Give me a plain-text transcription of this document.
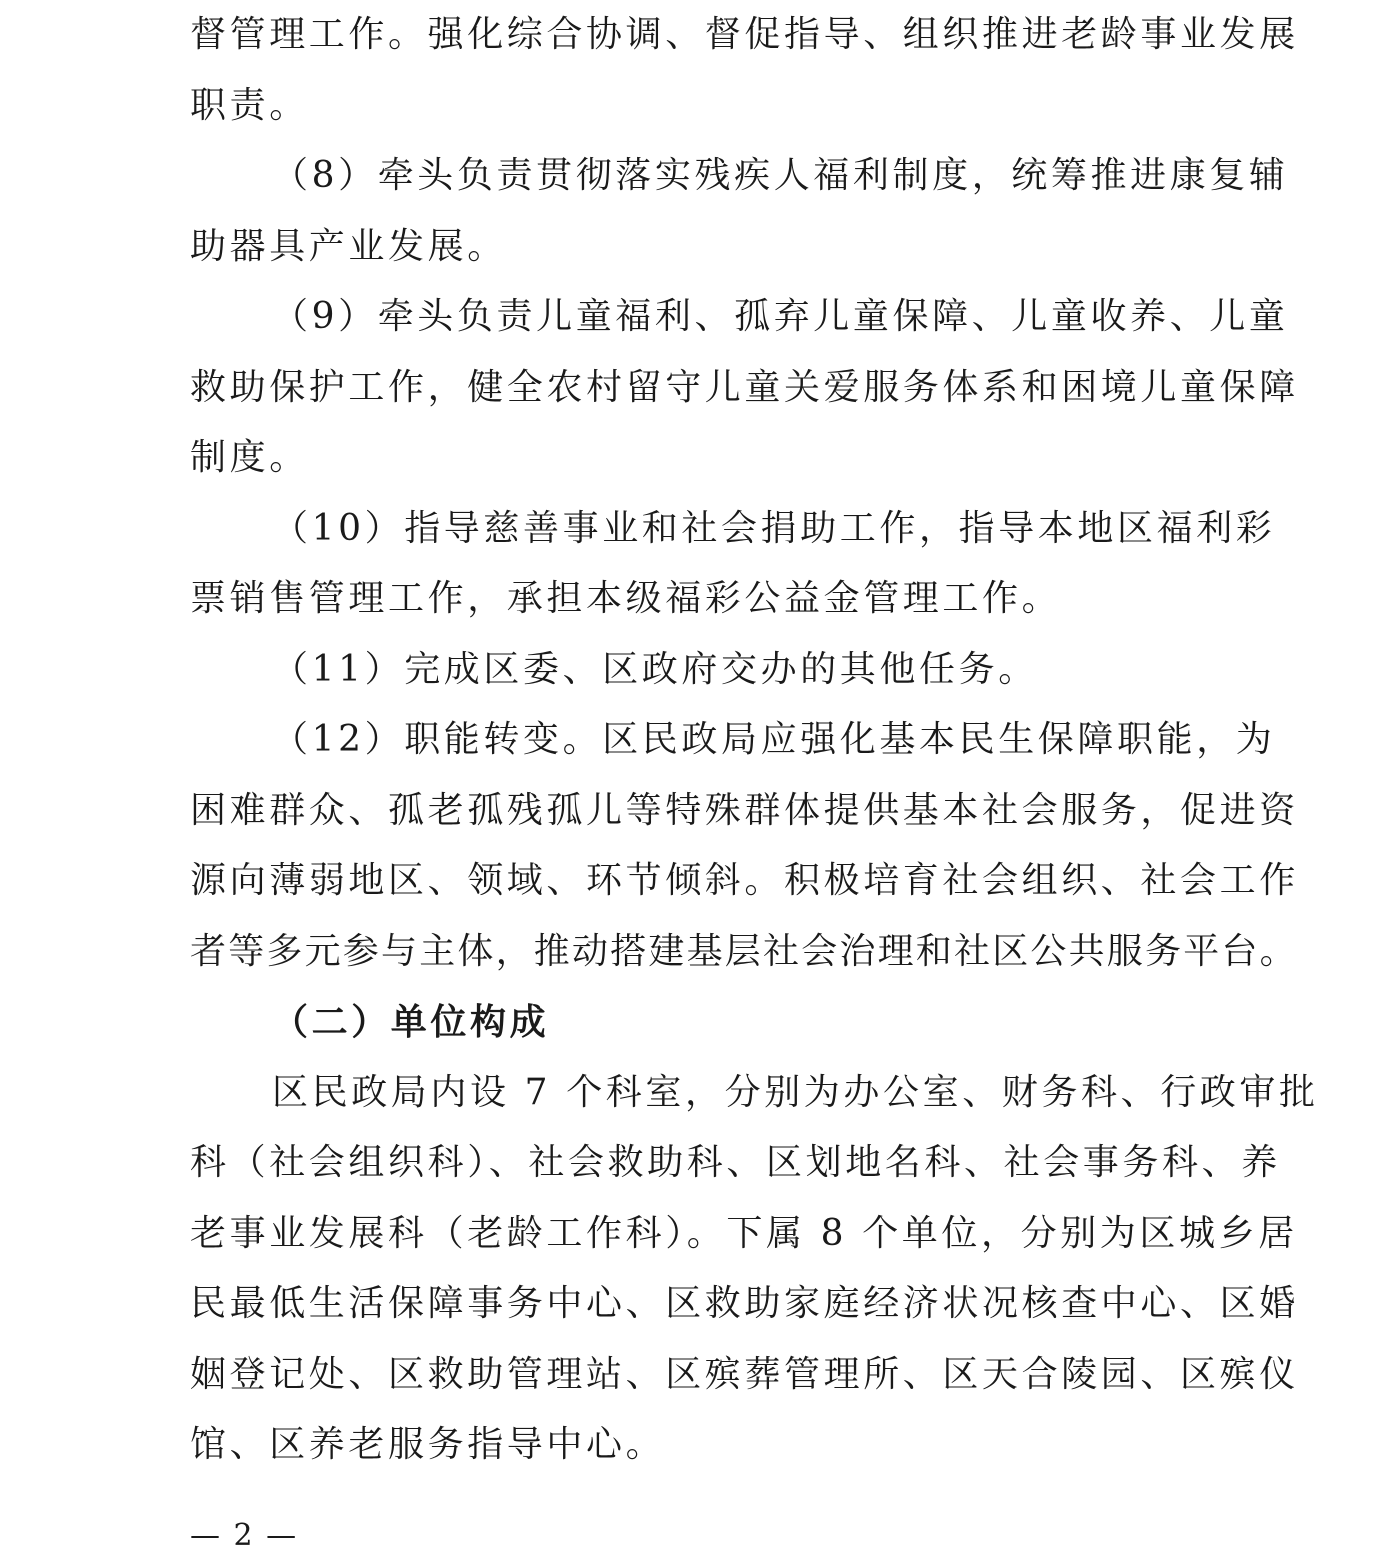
督管理工作。强化综合协调、督促指导、组织推进老龄事业发展
职责。
（8）牵头负责贯彻落实残疾人福利制度，统筹推进康复辅
助器具产业发展。
（9）牵头负责儿童福利、孤弃儿童保障、儿童收养、儿童
救助保护工作，健全农村留守儿童关爱服务体系和困境儿童保障
制度。
（10）指导慈善事业和社会捐助工作，指导本地区福利彩
票销售管理工作，承担本级福彩公益金管理工作。
（11）完成区委、区政府交办的其他任务。
（12）职能转变。区民政局应强化基本民生保障职能，为
困难群众、孤老孤残孤儿等特殊群体提供基本社会服务，促进资
源向薄弱地区、领域、环节倾斜。积极培育社会组织、社会工作
者等多元参与主体，推动搭建基层社会治理和社区公共服务平台。
（二）单位构成
区民政局内设 7 个科室，分别为办公室、财务科、行政审批
科（社会组织科）、社会救助科、区划地名科、社会事务科、养
老事业发展科（老龄工作科）。下属 8 个单位，分别为区城乡居
民最低生活保障事务中心、区救助家庭经济状况核查中心、区婚
姻登记处、区救助管理站、区殡葬管理所、区天合陵园、区殡仪
馆、区养老服务指导中心。
— 2 —
